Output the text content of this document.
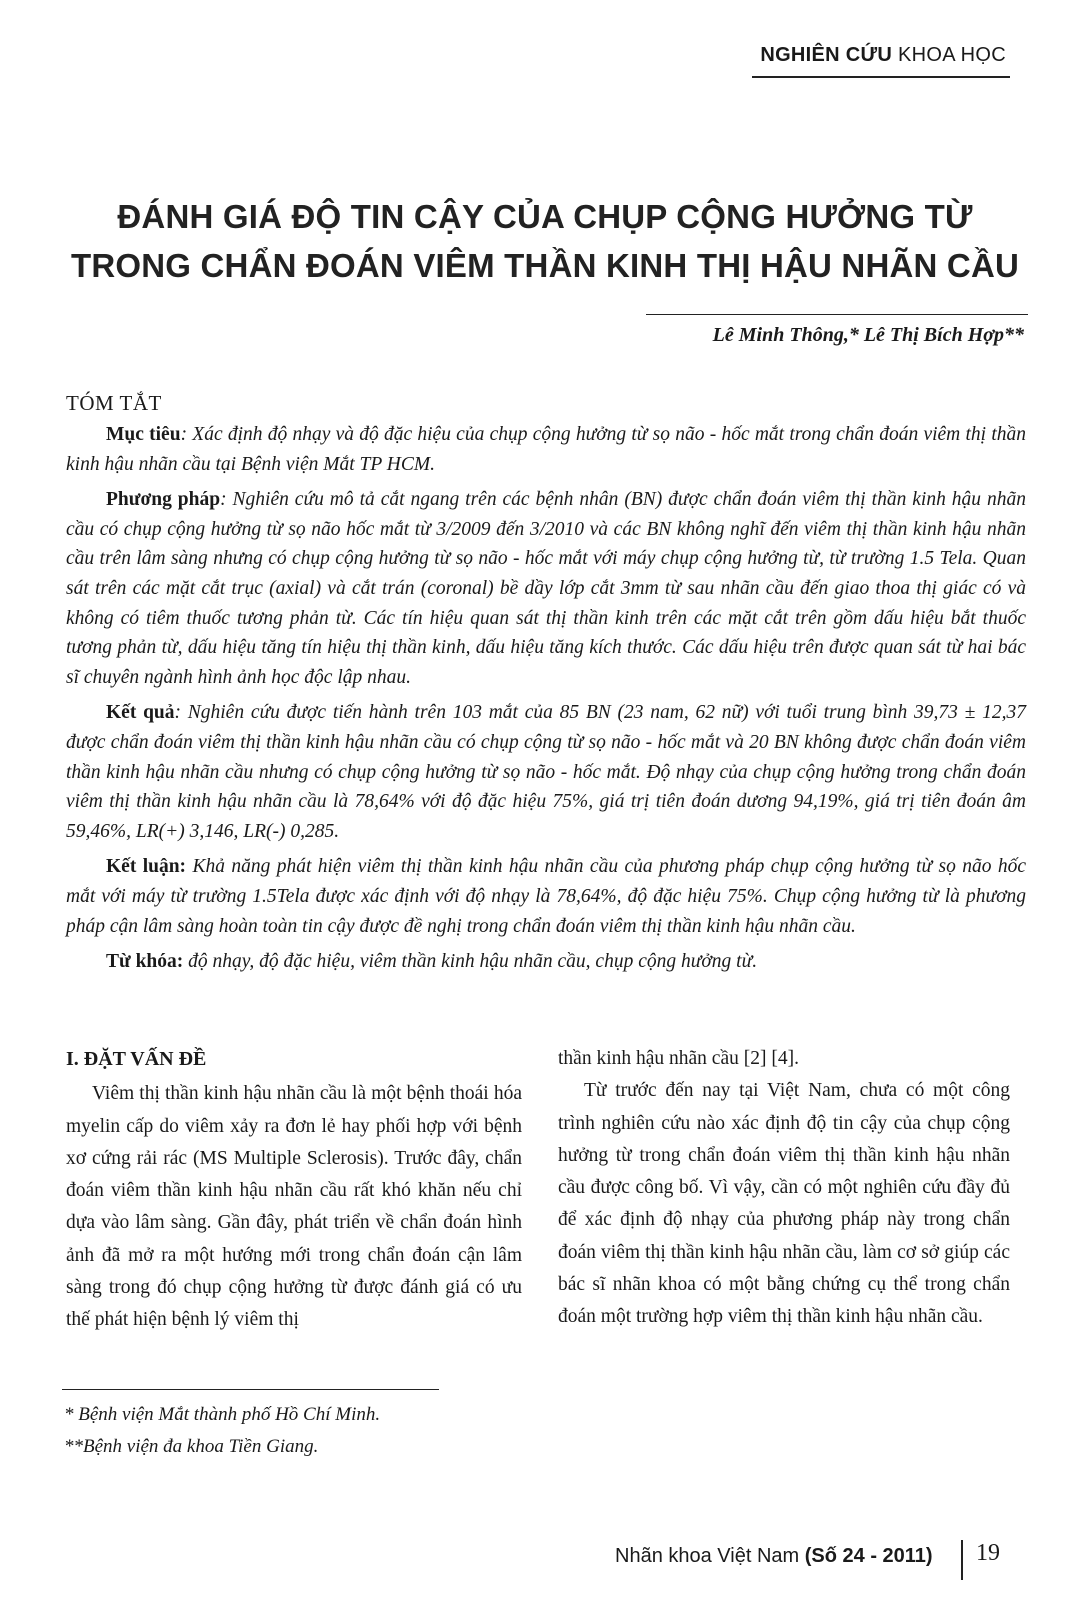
NGHIÊN CỨU KHOA HỌC
ĐÁNH GIÁ ĐỘ TIN CẬY CỦA CHỤP CỘNG HƯỞNG TỪ
TRONG CHẨN ĐOÁN VIÊM THẦN KINH THỊ HẬU NHÃN CẦU
Lê Minh Thông,* Lê Thị Bích Hợp**
TÓM TẮT

Mục tiêu: Xác định độ nhạy và độ đặc hiệu của chụp cộng hưởng từ sọ não - hốc mắt trong chẩn đoán viêm thị thần kinh hậu nhãn cầu tại Bệnh viện Mắt TP HCM.

Phương pháp: Nghiên cứu mô tả cắt ngang trên các bệnh nhân (BN) được chẩn đoán viêm thị thần kinh hậu nhãn cầu có chụp cộng hưởng từ sọ não hốc mắt từ 3/2009 đến 3/2010 và các BN không nghĩ đến viêm thị thần kinh hậu nhãn cầu trên lâm sàng nhưng có chụp cộng hưởng từ sọ não - hốc mắt với máy chụp cộng hưởng từ, từ trường 1.5 Tela. Quan sát trên các mặt cắt trục (axial) và cắt trán (coronal) bề dầy lớp cắt 3mm từ sau nhãn cầu đến giao thoa thị giác có và không có tiêm thuốc tương phản từ. Các tín hiệu quan sát thị thần kinh trên các mặt cắt trên gồm dấu hiệu bắt thuốc tương phản từ, dấu hiệu tăng tín hiệu thị thần kinh, dấu hiệu tăng kích thước. Các dấu hiệu trên được quan sát từ hai bác sĩ chuyên ngành hình ảnh học độc lập nhau.

Kết quả: Nghiên cứu được tiến hành trên 103 mắt của 85 BN (23 nam, 62 nữ) với tuổi trung bình 39,73 ± 12,37 được chẩn đoán viêm thị thần kinh hậu nhãn cầu có chụp cộng từ sọ não - hốc mắt và 20 BN không được chẩn đoán viêm thần kinh hậu nhãn cầu nhưng có chụp cộng hưởng từ sọ não - hốc mắt. Độ nhạy của chụp cộng hưởng trong chẩn đoán viêm thị thần kinh hậu nhãn cầu là 78,64% với độ đặc hiệu 75%, giá trị tiên đoán dương 94,19%, giá trị tiên đoán âm 59,46%, LR(+) 3,146, LR(-) 0,285.

Kết luận: Khả năng phát hiện viêm thị thần kinh hậu nhãn cầu của phương pháp chụp cộng hưởng từ sọ não hốc mắt với máy từ trường 1.5Tela được xác định với độ nhạy là 78,64%, độ đặc hiệu 75%. Chụp cộng hưởng từ là phương pháp cận lâm sàng hoàn toàn tin cậy được đề nghị trong chẩn đoán viêm thị thần kinh hậu nhãn cầu.

Từ khóa: độ nhạy, độ đặc hiệu, viêm thần kinh hậu nhãn cầu, chụp cộng hưởng từ.

I. ĐẶT VẤN ĐỀ

Viêm thị thần kinh hậu nhãn cầu là một bệnh thoái hóa myelin cấp do viêm xảy ra đơn lẻ hay phối hợp với bệnh xơ cứng rải rác (MS Multiple Sclerosis). Trước đây, chẩn đoán viêm thần kinh hậu nhãn cầu rất khó khăn nếu chỉ dựa vào lâm sàng. Gần đây, phát triển về chẩn đoán hình ảnh đã mở ra một hướng mới trong chẩn đoán cận lâm sàng trong đó chụp cộng hưởng từ được đánh giá có ưu thế phát hiện bệnh lý viêm thị

thần kinh hậu nhãn cầu [2] [4].

Từ trước đến nay tại Việt Nam, chưa có một công trình nghiên cứu nào xác định độ tin cậy của chụp cộng hưởng từ trong chẩn đoán viêm thị thần kinh hậu nhãn cầu được công bố. Vì vậy, cần có một nghiên cứu đầy đủ để xác định độ nhạy của phương pháp này trong chẩn đoán viêm thị thần kinh hậu nhãn cầu, làm cơ sở giúp các bác sĩ nhãn khoa có một bằng chứng cụ thể trong chẩn đoán một trường hợp viêm thị thần kinh hậu nhãn cầu.

* Bệnh viện Mắt thành phố Hồ Chí Minh.
**Bệnh viện đa khoa Tiền Giang.
Nhãn khoa Việt Nam (Số 24 - 2011) 19
